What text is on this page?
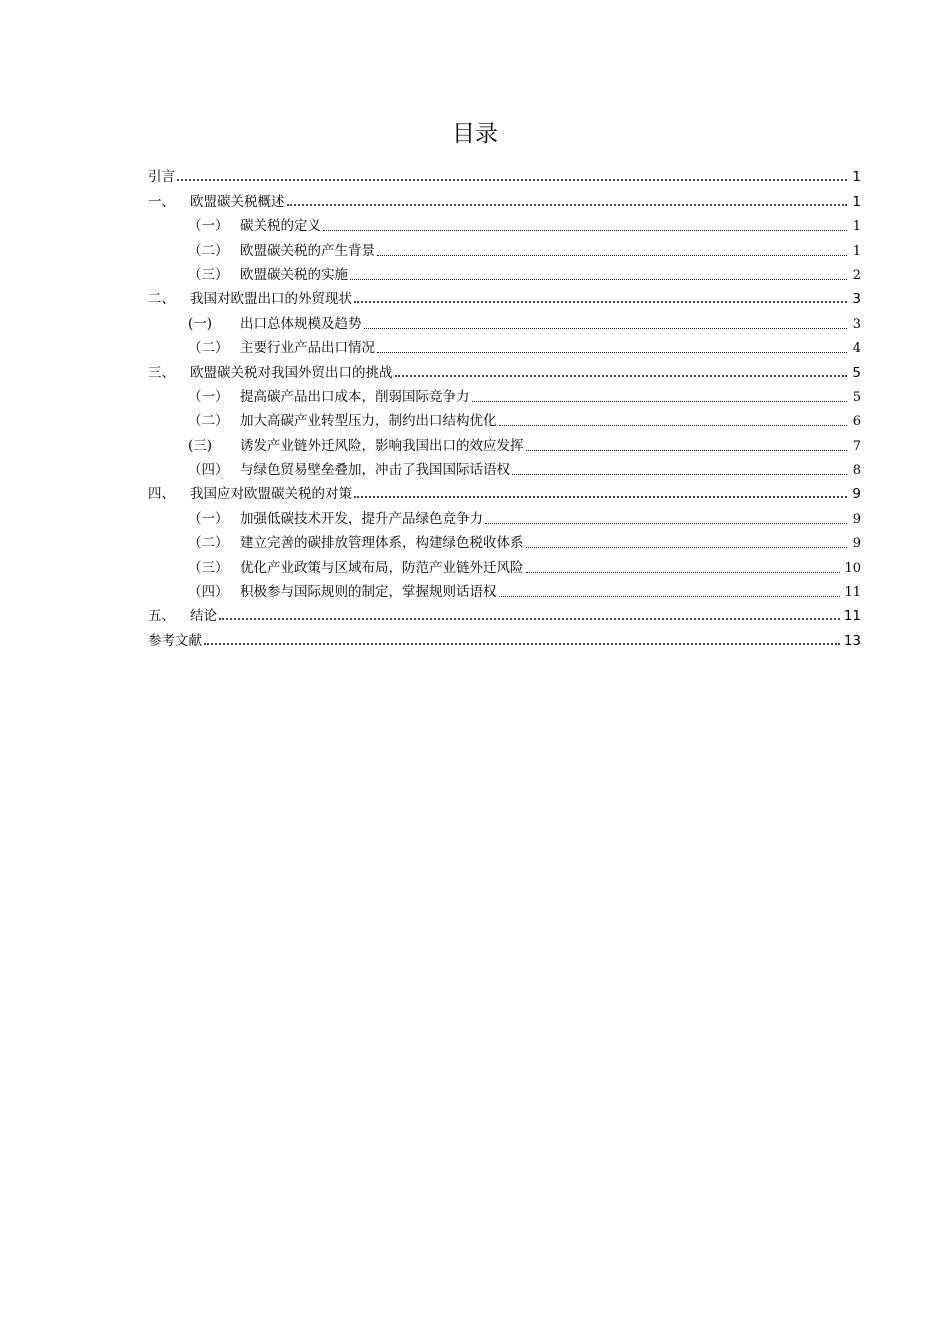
目录
引言	1
一、	欧盟碳关税概述	1
（一） 碳关税的定义	1
（二） 欧盟碳关税的产生背景	1
（三） 欧盟碳关税的实施	2
二、	我国对欧盟出口的外贸现状	3
(一)	出口总体规模及趋势	3
（二） 主要行业产品出口情况	4
三、	欧盟碳关税对我国外贸出口的挑战	5
（一） 提高碳产品出口成本，削弱国际竞争力	5
（二） 加大高碳产业转型压力，制约出口结构优化	6
(三)	诱发产业链外迁风险，影响我国出口的效应发挥	7
（四） 与绿色贸易壁垒叠加，冲击了我国国际话语权	8
四、	我国应对欧盟碳关税的对策	9
（一） 加强低碳技术开发，提升产品绿色竞争力	9
（二） 建立完善的碳排放管理体系，构建绿色税收体系	9
（三） 优化产业政策与区域布局，防范产业链外迁风险	10
（四） 积极参与国际规则的制定，掌握规则话语权	11
五、	结论	11
参考文献	13
